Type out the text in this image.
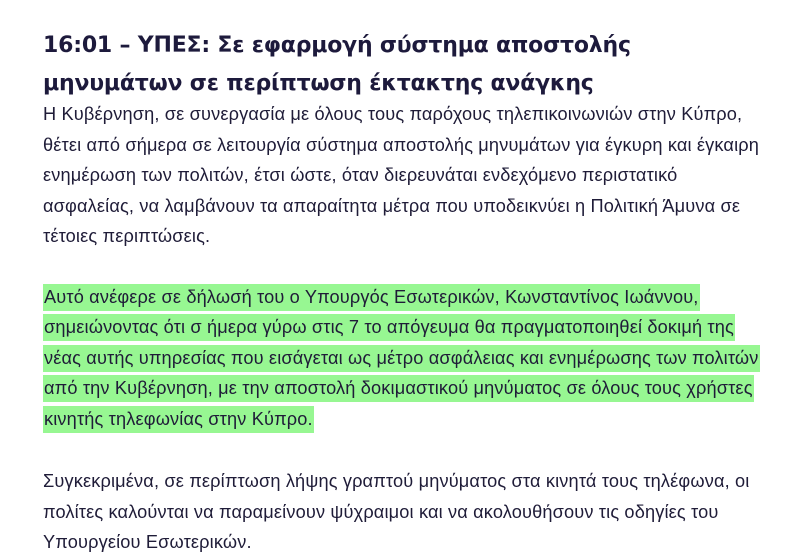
16:01 – ΥΠΕΣ: Σε εφαρμογή σύστημα αποστολής μηνυμάτων σε περίπτωση έκτακτης ανάγκης

Η Κυβέρνηση, σε συνεργασία με όλους τους παρόχους τηλεπικοινωνιών στην Κύπρο, θέτει από σήμερα σε λειτουργία σύστημα αποστολής μηνυμάτων για έγκυρη και έγκαιρη ενημέρωση των πολιτών, έτσι ώστε, όταν διερευνάται ενδεχόμενο περιστατικό ασφαλείας, να λαμβάνουν τα απαραίτητα μέτρα που υποδεικνύει η Πολιτική Άμυνα σε τέτοιες περιπτώσεις.

Αυτό ανέφερε σε δήλωσή του ο Υπουργός Εσωτερικών, Κωνσταντίνος Ιωάννου, σημειώνοντας ότι σ ήμερα γύρω στις 7 το απόγευμα θα πραγματοποιηθεί δοκιμή της νέας αυτής υπηρεσίας που εισάγεται ως μέτρο ασφάλειας και ενημέρωσης των πολιτών από την Κυβέρνηση, με την αποστολή δοκιμαστικού μηνύματος σε όλους τους χρήστες κινητής τηλεφωνίας στην Κύπρο.

Συγκεκριμένα, σε περίπτωση λήψης γραπτού μηνύματος στα κινητά τους τηλέφωνα, οι πολίτες καλούνται να παραμείνουν ψύχραιμοι και να ακολουθήσουν τις οδηγίες του Υπουργείου Εσωτερικών.
